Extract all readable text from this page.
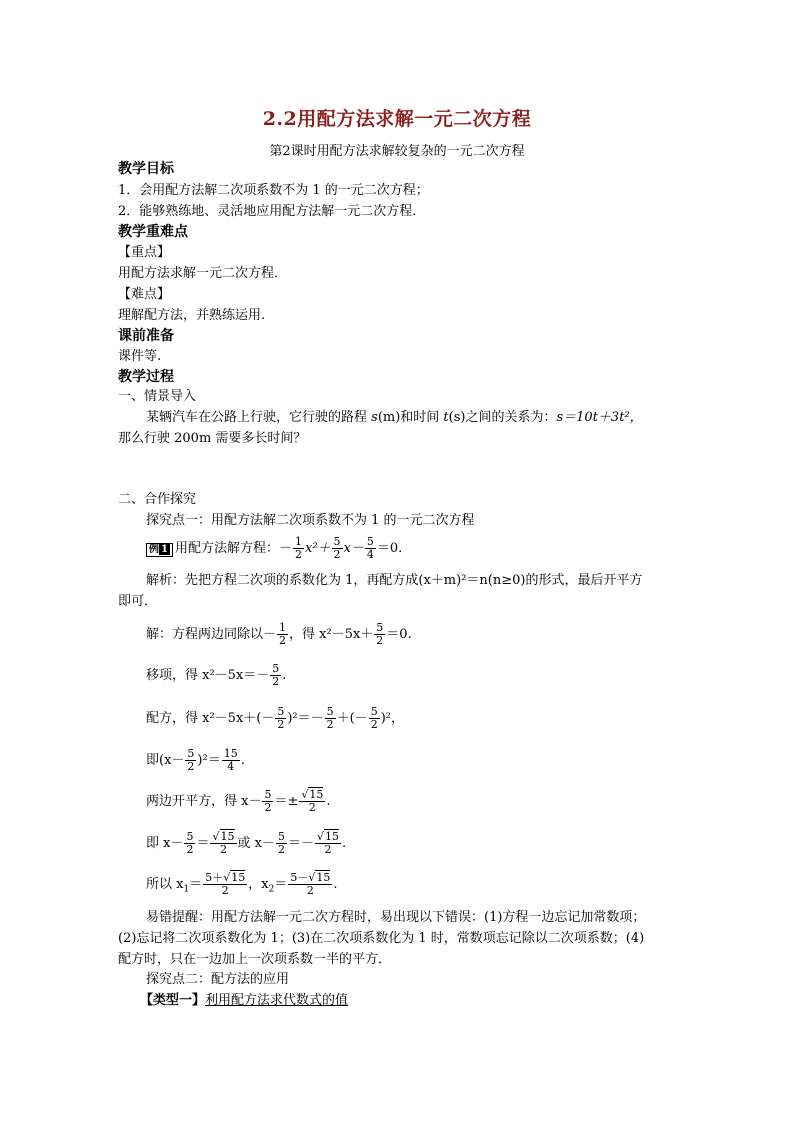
2.2用配方法求解一元二次方程
第2课时用配方法求解较复杂的一元二次方程
教学目标
1．会用配方法解二次项系数不为 1 的一元二次方程；
2．能够熟练地、灵活地应用配方法解一元二次方程．
教学重难点
【重点】
用配方法求解一元二次方程．
【难点】
理解配方法，并熟练运用.
课前准备
课件等.
教学过程
一、情景导入
某辆汽车在公路上行驶，它行驶的路程 s(m)和时间 t(s)之间的关系为：s＝10t＋3t²，
那么行驶 200m 需要多长时间？
二、合作探究
探究点一：用配方法解二次项系数不为 1 的一元二次方程
例 1 用配方法解方程：－ $\frac{1}{2} x^2+ \frac{5}{2} x- \frac{5}{4} =0$.
解析：先把方程二次项的系数化为 1，再配方成(x＋m)²＝n(n≥0)的形式，最后开平方
即可．
解：方程两边同除以－ $\frac{1}{2}$ ，得 $x^2-5x+ \frac{5}{2} =0$.
移项，得 $x^2-5x=- \frac{5}{2}$ .
配方，得 $x^2-5x+(- \frac{5}{2} )^2=- \frac{5}{2}$ ＋(－ $\frac{5}{2} )^2$，
即$(x- \frac{5}{2} )^2= \frac{15}{4}$ .
两边开平方，得 $x- \frac{5}{2} =\pm \frac{√15}{2}$ .
即 $x- \frac{5}{2} = \frac{√15}{2}$ 或 $x- \frac{5}{2} =- \frac{√15}{2}$ .
所以 $x_1= \frac{5+√15}{2}$ ，$x_2= \frac{5-√15}{2}$ .
易错提醒：用配方法解一元二次方程时，易出现以下错误：(1)方程一边忘记加常数项；
(2)忘记将二次项系数化为 1；(3)在二次项系数化为 1 时，常数项忘记除以二次项系数；(4)
配方时，只在一边加上一次项系数一半的平方．
探究点二：配方法的应用
【类型一】利用配方法求代数式的值
